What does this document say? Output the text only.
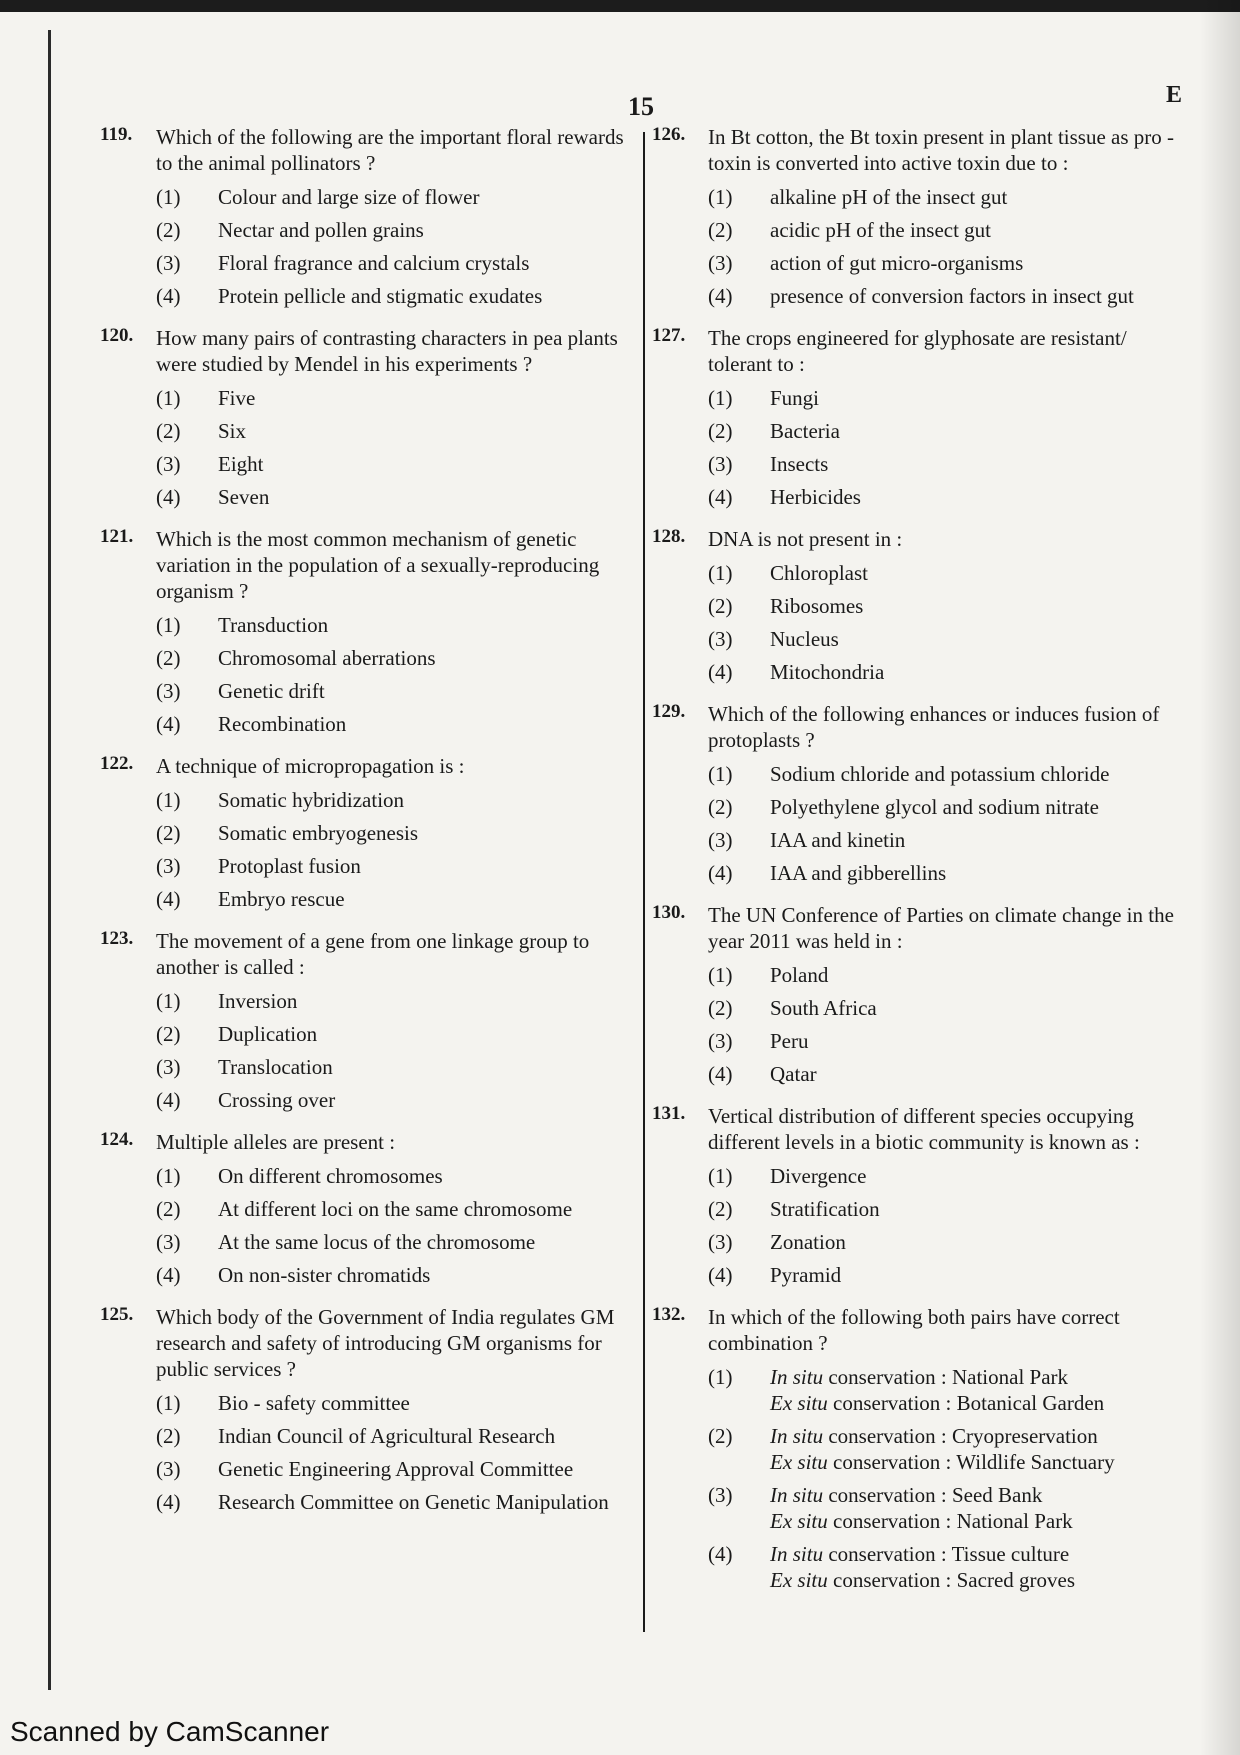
15	E
119. Which of the following are the important floral rewards to the animal pollinators ?

(1) Colour and large size of flower
(2) Nectar and pollen grains
(3) Floral fragrance and calcium crystals
(4) Protein pellicle and stigmatic exudates
120. How many pairs of contrasting characters in pea plants were studied by Mendel in his experiments ?

(1) Five
(2) Six
(3) Eight
(4) Seven
121. Which is the most common mechanism of genetic variation in the population of a sexually-reproducing organism ?

(1) Transduction
(2) Chromosomal aberrations
(3) Genetic drift
(4) Recombination
122. A technique of micropropagation is :

(1) Somatic hybridization
(2) Somatic embryogenesis
(3) Protoplast fusion
(4) Embryo rescue
123. The movement of a gene from one linkage group to another is called :

(1) Inversion
(2) Duplication
(3) Translocation
(4) Crossing over
124. Multiple alleles are present :

(1) On different chromosomes
(2) At different loci on the same chromosome
(3) At the same locus of the chromosome
(4) On non-sister chromatids
125. Which body of the Government of India regulates GM research and safety of introducing GM organisms for public services ?

(1) Bio - safety committee
(2) Indian Council of Agricultural Research
(3) Genetic Engineering Approval Committee
(4) Research Committee on Genetic Manipulation
126. In Bt cotton, the Bt toxin present in plant tissue as pro - toxin is converted into active toxin due to :

(1) alkaline pH of the insect gut
(2) acidic pH of the insect gut
(3) action of gut micro-organisms
(4) presence of conversion factors in insect gut
127. The crops engineered for glyphosate are resistant/ tolerant to :

(1) Fungi
(2) Bacteria
(3) Insects
(4) Herbicides
128. DNA is not present in :

(1) Chloroplast
(2) Ribosomes
(3) Nucleus
(4) Mitochondria
129. Which of the following enhances or induces fusion of protoplasts ?

(1) Sodium chloride and potassium chloride
(2) Polyethylene glycol and sodium nitrate
(3) IAA and kinetin
(4) IAA and gibberellins
130. The UN Conference of Parties on climate change in the year 2011 was held in :

(1) Poland
(2) South Africa
(3) Peru
(4) Qatar
131. Vertical distribution of different species occupying different levels in a biotic community is known as :

(1) Divergence
(2) Stratification
(3) Zonation
(4) Pyramid
132. In which of the following both pairs have correct combination ?

(1) In situ conservation : National Park
Ex situ conservation : Botanical Garden
(2) In situ conservation : Cryopreservation
Ex situ conservation : Wildlife Sanctuary
(3) In situ conservation : Seed Bank
Ex situ conservation : National Park
(4) In situ conservation : Tissue culture
Ex situ conservation : Sacred groves
Scanned by CamScanner
